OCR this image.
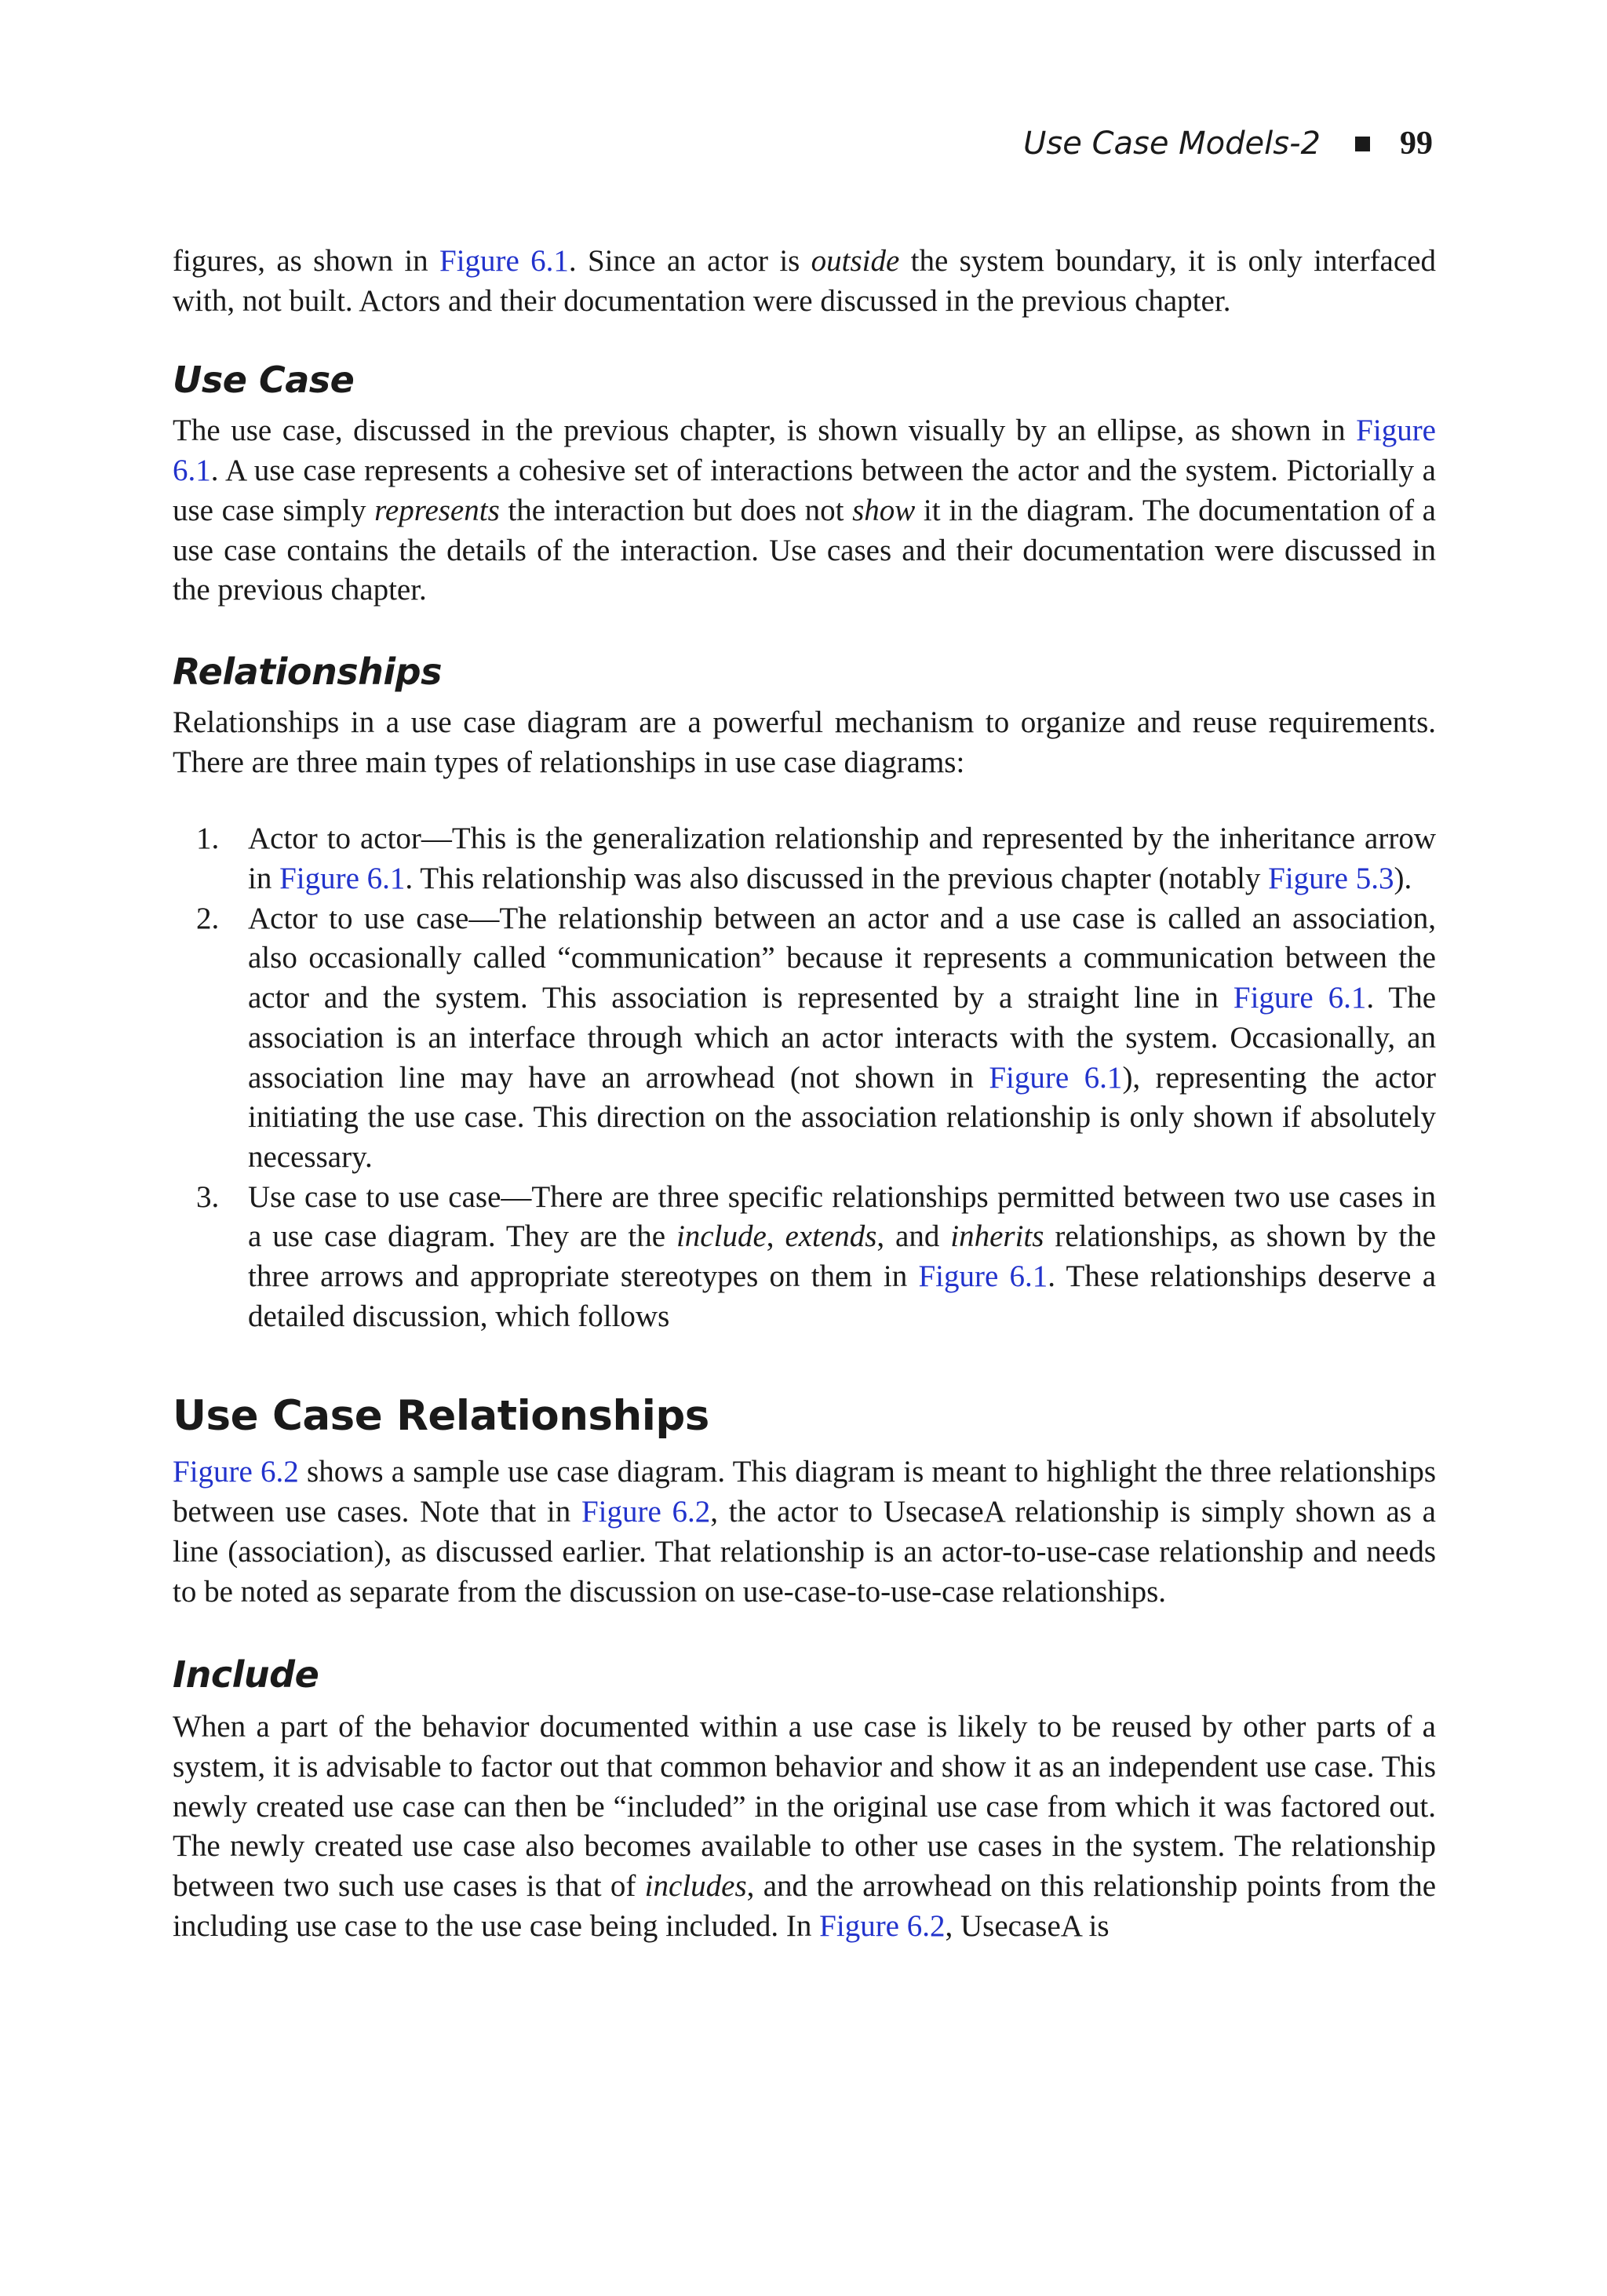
Use Case Models-2 99

figures, as shown in Figure 6.1. Since an actor is outside the system boundary, it is only interfaced with, not built. Actors and their documentation were discussed in the previous chapter.

Use Case

The use case, discussed in the previous chapter, is shown visually by an ellipse, as shown in Figure 6.1. A use case represents a cohesive set of interactions between the actor and the system. Pictorially a use case simply represents the interaction but does not show it in the diagram. The documentation of a use case contains the details of the interaction. Use cases and their documentation were discussed in the previous chapter.

Relationships

Relationships in a use case diagram are a powerful mechanism to organize and reuse requirements. There are three main types of relationships in use case diagrams:

1. Actor to actor—This is the generalization relationship and represented by the inheritance arrow in Figure 6.1. This relationship was also discussed in the previous chapter (notably Figure 5.3).

2. Actor to use case—The relationship between an actor and a use case is called an association, also occasionally called “communication” because it represents a communication between the actor and the system. This association is represented by a straight line in Figure 6.1. The association is an interface through which an actor interacts with the system. Occasionally, an association line may have an arrowhead (not shown in Figure 6.1), representing the actor initiating the use case. This direction on the association relationship is only shown if absolutely necessary.

3. Use case to use case—There are three specific relationships permitted between two use cases in a use case diagram. They are the include, extends, and inherits relationships, as shown by the three arrows and appropriate stereotypes on them in Figure 6.1. These relationships deserve a detailed discussion, which follows

Use Case Relationships

Figure 6.2 shows a sample use case diagram. This diagram is meant to highlight the three relationships between use cases. Note that in Figure 6.2, the actor to UsecaseA relationship is simply shown as a line (association), as discussed earlier. That relationship is an actor-to-use-case relationship and needs to be noted as separate from the discussion on use-case-to-use-case relationships.

Include

When a part of the behavior documented within a use case is likely to be reused by other parts of a system, it is advisable to factor out that common behavior and show it as an independent use case. This newly created use case can then be “included” in the original use case from which it was factored out. The newly created use case also becomes available to other use cases in the system. The relationship between two such use cases is that of includes, and the arrowhead on this relationship points from the including use case to the use case being included. In Figure 6.2, UsecaseA is
